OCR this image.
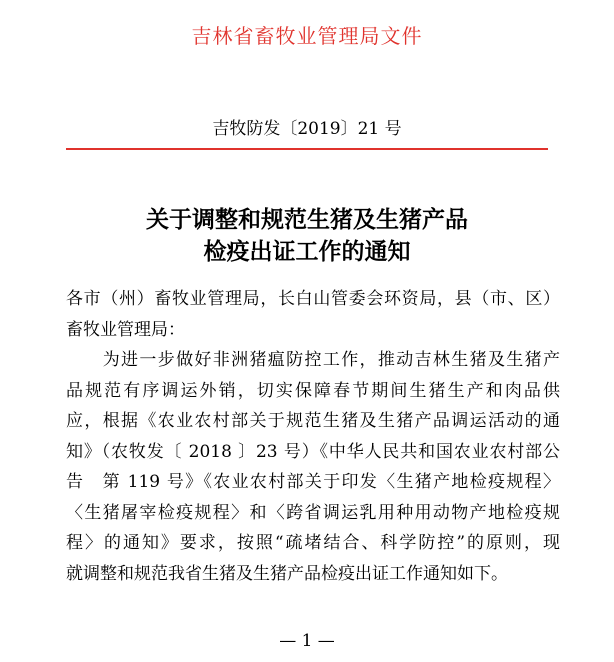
吉林省畜牧业管理局文件
吉牧防发〔2019〕21 号
关于调整和规范生猪及生猪产品
检疫出证工作的通知
各市（州）畜牧业管理局，长白山管委会环资局，县（市、区）
畜牧业管理局：
　　为进一步做好非洲猪瘟防控工作，推动吉林生猪及生猪产
品规范有序调运外销，切实保障春节期间生猪生产和肉品供
应，根据《农业农村部关于规范生猪及生猪产品调运活动的通
知》（农牧发〔 2018 〕23 号）《中华人民共和国农业农村部公
告　第 119 号》《农业农村部关于印发〈生猪产地检疫规程〉
〈生猪屠宰检疫规程〉和〈跨省调运乳用种用动物产地检疫规
程〉的通知》要求，按照“疏堵结合、科学防控”的原则，现
就调整和规范我省生猪及生猪产品检疫出证工作通知如下。
— 1 —
